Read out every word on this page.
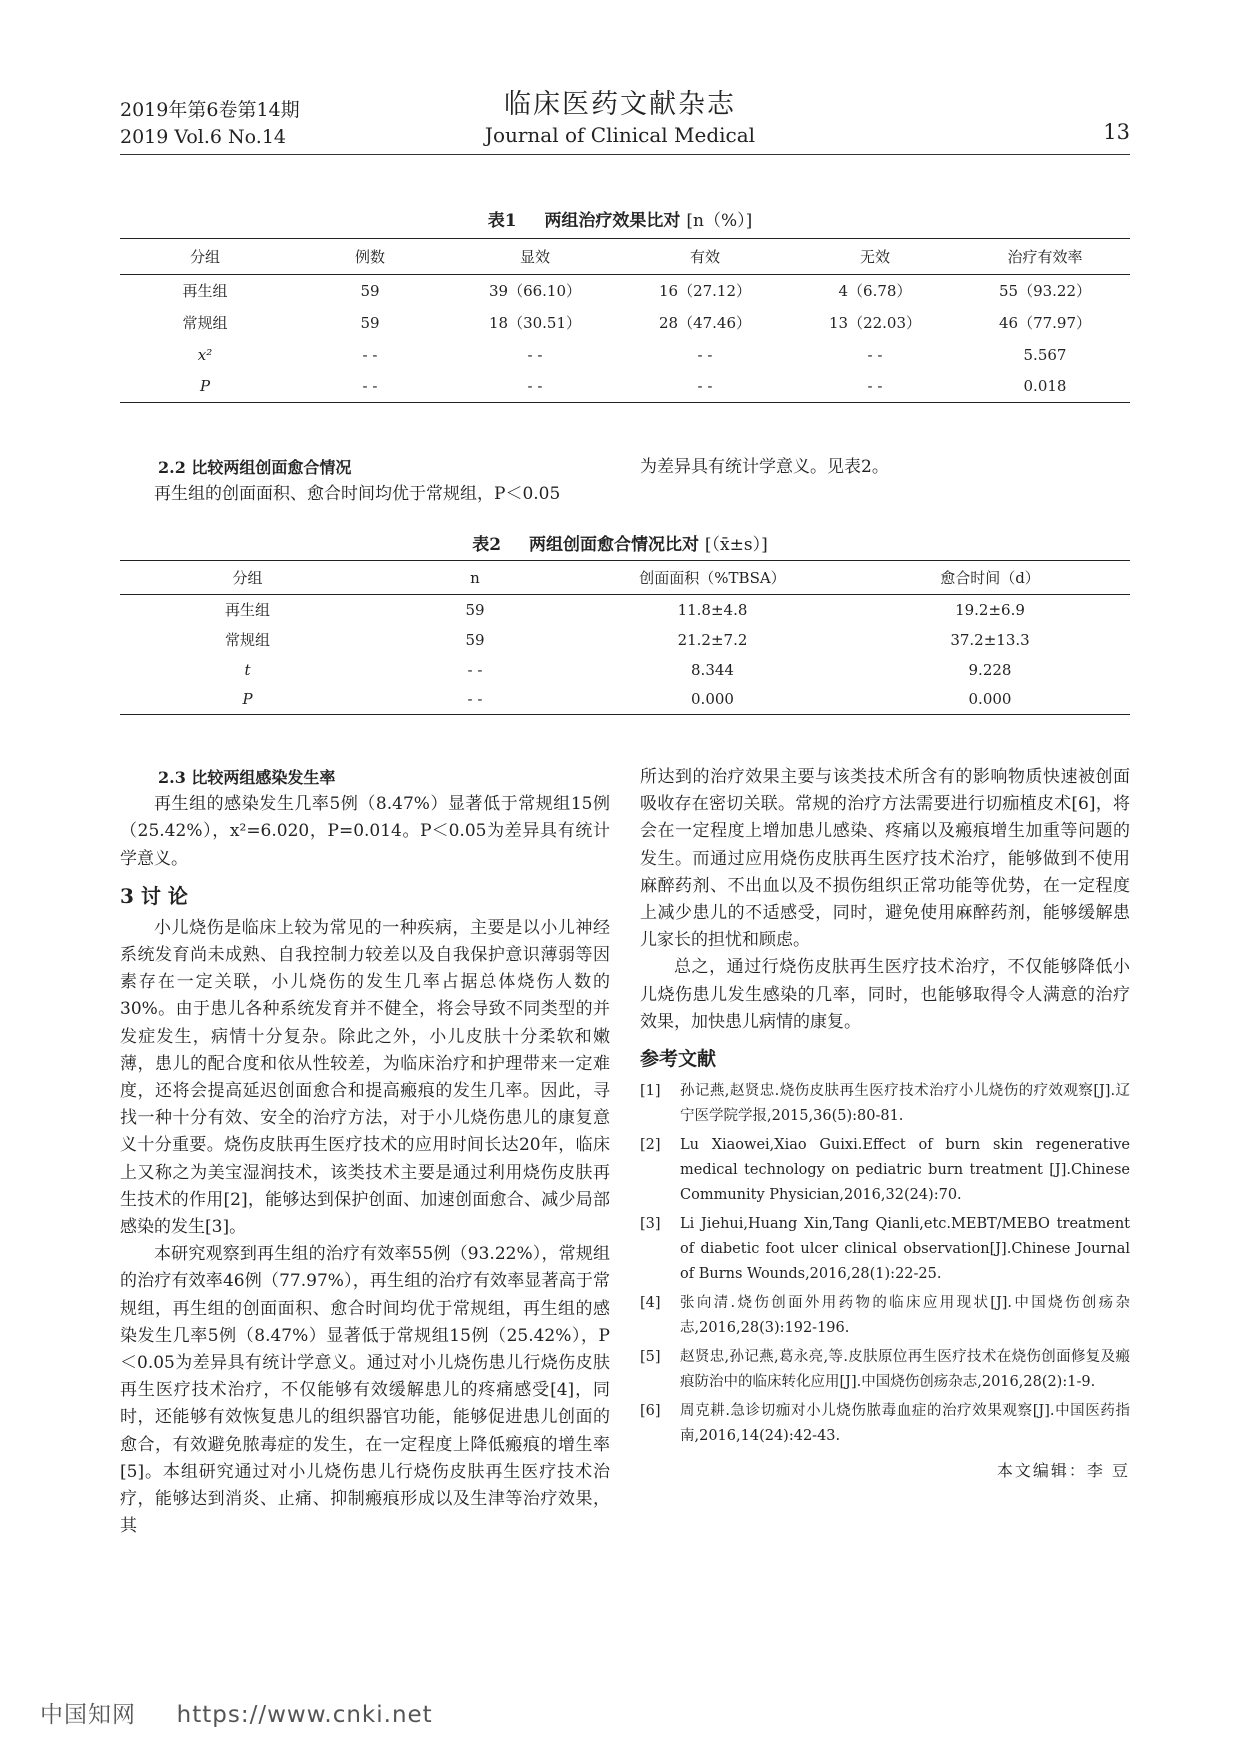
2019年第6卷第14期
2019 Vol.6 No.14
临床医药文献杂志
Journal of Clinical Medical	13
表1 两组治疗效果比对 [n（%）]
分组	例数	显效	有效	无效	治疗有效率
再生组	59	39（66.10）	16（27.12）	4（6.78）	55（93.22）
常规组	59	18（30.51）	28（47.46）	13（22.03）	46（77.97）
x²	- -	- -	- -	- -	5.567
P	- -	- -	- -	- -	0.018

2.2 比较两组创面愈合情况

再生组的创面面积、愈合时间均优于常规组，P＜0.05

为差异具有统计学意义。见表2。

表2 两组创面愈合情况比对 [（x̄±s）]
分组	n	创面面积（%TBSA）	愈合时间（d）
再生组	59	11.8±4.8	19.2±6.9
常规组	59	21.2±7.2	37.2±13.3
t	- -	8.344	9.228
P	- -	0.000	0.000

2.3 比较两组感染发生率

再生组的感染发生几率5例（8.47%）显著低于常规组15例（25.42%），x²=6.020，P=0.014。P＜0.05为差异具有统计学意义。

3 讨 论

小儿烧伤是临床上较为常见的一种疾病，主要是以小儿神经系统发育尚未成熟、自我控制力较差以及自我保护意识薄弱等因素存在一定关联，小儿烧伤的发生几率占据总体烧伤人数的30%。由于患儿各种系统发育并不健全，将会导致不同类型的并发症发生，病情十分复杂。除此之外，小儿皮肤十分柔软和嫩薄，患儿的配合度和依从性较差，为临床治疗和护理带来一定难度，还将会提高延迟创面愈合和提高瘢痕的发生几率。因此，寻找一种十分有效、安全的治疗方法，对于小儿烧伤患儿的康复意义十分重要。烧伤皮肤再生医疗技术的应用时间长达20年，临床上又称之为美宝湿润技术，该类技术主要是通过利用烧伤皮肤再生技术的作用[2]，能够达到保护创面、加速创面愈合、减少局部感染的发生[3]。

本研究观察到再生组的治疗有效率55例（93.22%），常规组的治疗有效率46例（77.97%），再生组的治疗有效率显著高于常规组，再生组的创面面积、愈合时间均优于常规组，再生组的感染发生几率5例（8.47%）显著低于常规组15例（25.42%），P＜0.05为差异具有统计学意义。通过对小儿烧伤患儿行烧伤皮肤再生医疗技术治疗，不仅能够有效缓解患儿的疼痛感受[4]，同时，还能够有效恢复患儿的组织器官功能，能够促进患儿创面的愈合，有效避免脓毒症的发生，在一定程度上降低瘢痕的增生率[5]。本组研究通过对小儿烧伤患儿行烧伤皮肤再生医疗技术治疗，能够达到消炎、止痛、抑制瘢痕形成以及生津等治疗效果，其

所达到的治疗效果主要与该类技术所含有的影响物质快速被创面吸收存在密切关联。常规的治疗方法需要进行切痂植皮术[6]，将会在一定程度上增加患儿感染、疼痛以及瘢痕增生加重等问题的发生。而通过应用烧伤皮肤再生医疗技术治疗，能够做到不使用麻醉药剂、不出血以及不损伤组织正常功能等优势，在一定程度上减少患儿的不适感受，同时，避免使用麻醉药剂，能够缓解患儿家长的担忧和顾虑。

总之，通过行烧伤皮肤再生医疗技术治疗，不仅能够降低小儿烧伤患儿发生感染的几率，同时，也能够取得令人满意的治疗效果，加快患儿病情的康复。

参考文献
[1]	孙记燕,赵贤忠.烧伤皮肤再生医疗技术治疗小儿烧伤的疗效观察[J].辽宁医学院学报,2015,36(5):80-81.
[2]	Lu Xiaowei,Xiao Guixi.Effect of burn skin regenerative medical technology on pediatric burn treatment [J].Chinese Community Physician,2016,32(24):70.
[3]	Li Jiehui,Huang Xin,Tang Qianli,etc.MEBT/MEBO treatment of diabetic foot ulcer clinical observation[J].Chinese Journal of Burns Wounds,2016,28(1):22-25.
[4]	张向清.烧伤创面外用药物的临床应用现状[J].中国烧伤创疡杂志,2016,28(3):192-196.
[5]	赵贤忠,孙记燕,葛永亮,等.皮肤原位再生医疗技术在烧伤创面修复及瘢痕防治中的临床转化应用[J].中国烧伤创疡杂志,2016,28(2):1-9.
[6]	周克耕.急诊切痂对小儿烧伤脓毒血症的治疗效果观察[J].中国医药指南,2016,14(24):42-43.
本文编辑：李 豆
中国知网 https://www.cnki.net
